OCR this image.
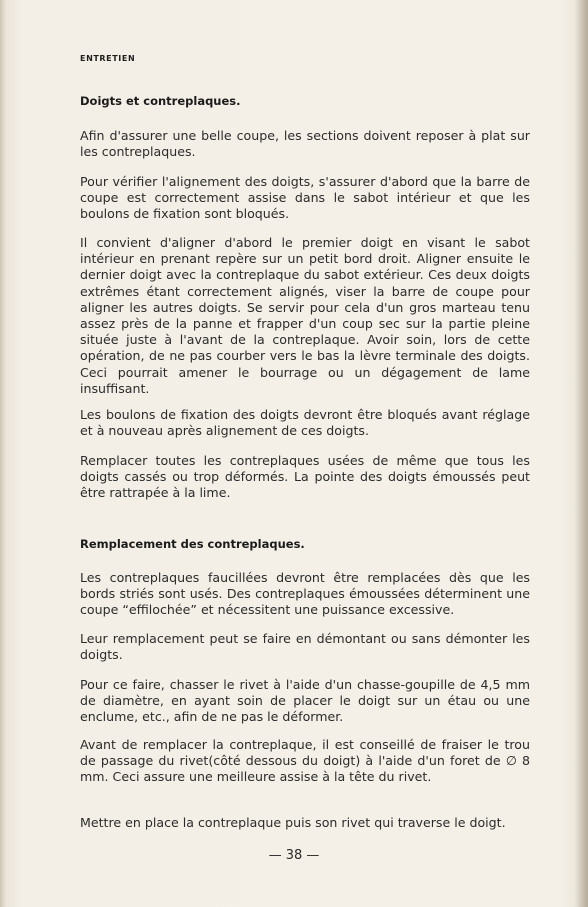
ENTRETIEN
Doigts et contreplaques.

Afin d'assurer une belle coupe, les sections doivent reposer à plat sur les contreplaques.

Pour vérifier l'alignement des doigts, s'assurer d'abord que la barre de coupe est correctement assise dans le sabot intérieur et que les boulons de fixation sont bloqués.

Il convient d'aligner d'abord le premier doigt en visant le sabot intérieur en prenant repère sur un petit bord droit. Aligner ensuite le dernier doigt avec la contreplaque du sabot extérieur. Ces deux doigts extrêmes étant correctement alignés, viser la barre de coupe pour aligner les autres doigts. Se servir pour cela d'un gros marteau tenu assez près de la panne et frapper d'un coup sec sur la partie pleine située juste à l'avant de la contreplaque. Avoir soin, lors de cette opération, de ne pas courber vers le bas la lèvre terminale des doigts. Ceci pourrait amener le bourrage ou un dégagement de lame insuffisant.

Les boulons de fixation des doigts devront être bloqués avant réglage et à nouveau après alignement de ces doigts.

Remplacer toutes les contreplaques usées de même que tous les doigts cassés ou trop déformés. La pointe des doigts émoussés peut être rattrapée à la lime.

Remplacement des contreplaques.

Les contreplaques faucillées devront être remplacées dès que les bords striés sont usés. Des contreplaques émoussées déterminent une coupe “effilochée” et nécessitent une puissance excessive.

Leur remplacement peut se faire en démontant ou sans démonter les doigts.

Pour ce faire, chasser le rivet à l'aide d'un chasse-goupille de 4,5 mm de diamètre, en ayant soin de placer le doigt sur un étau ou une enclume, etc., afin de ne pas le déformer.

Avant de remplacer la contreplaque, il est conseillé de fraiser le trou de passage du rivet(côté dessous du doigt) à l'aide d'un foret de ∅ 8 mm. Ceci assure une meilleure assise à la tête du rivet.

Mettre en place la contreplaque puis son rivet qui traverse le doigt.

— 38 —
